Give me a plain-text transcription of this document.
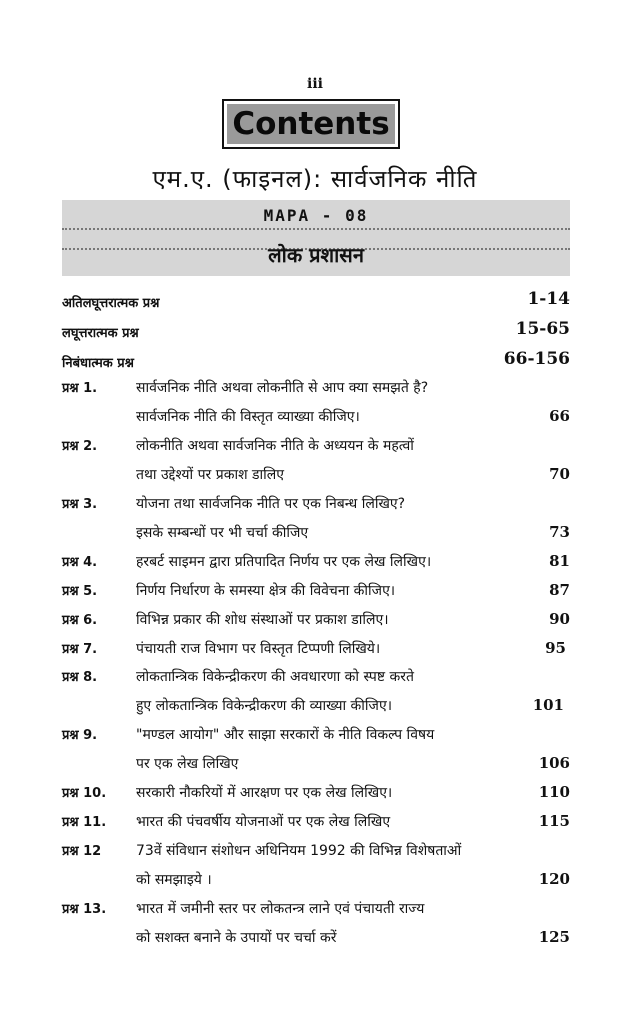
iii
Contents
एम.ए. (फाइनल): सार्वजनिक नीति
MAPA - 08
लोक प्रशासन
अतिलघूत्तरात्मक प्रश्न	1-14
लघूत्तरात्मक प्रश्न	15-65
निबंधात्मक प्रश्न	66-156
प्रश्न 1.	सार्वजनिक नीति अथवा लोकनीति से आप क्या समझते है?
सार्वजनिक नीति की विस्तृत व्याख्या कीजिए।	66
प्रश्न 2.	लोकनीति अथवा सार्वजनिक नीति के अध्ययन के महत्वों
तथा उद्देश्यों पर प्रकाश डालिए	70
प्रश्न 3.	योजना तथा सार्वजनिक नीति पर एक निबन्ध लिखिए?
इसके सम्बन्धों पर भी चर्चा कीजिए	73
प्रश्न 4.	हरबर्ट साइमन द्वारा प्रतिपादित निर्णय पर एक लेख लिखिए।	81
प्रश्न 5.	निर्णय निर्धारण के समस्या क्षेत्र की विवेचना कीजिए।	87
प्रश्न 6.	विभिन्न प्रकार की शोध संस्थाओं पर प्रकाश डालिए।	90
प्रश्न 7.	पंचायती राज विभाग पर विस्तृत टिप्पणी लिखिये।	95
प्रश्न 8.	लोकतान्त्रिक विकेन्द्रीकरण की अवधारणा को स्पष्ट करते
हुए लोकतान्त्रिक विकेन्द्रीकरण की व्याख्या कीजिए।	101
प्रश्न 9.	"मण्डल आयोग" और साझा सरकारों के नीति विकल्प विषय
पर एक लेख लिखिए	106
प्रश्न 10. सरकारी नौकरियों में आरक्षण पर एक लेख लिखिए।	110
प्रश्न 11. भारत की पंचवर्षीय योजनाओं पर एक लेख लिखिए	115
प्रश्न 12 73वें संविधान संशोधन अधिनियम 1992 की विभिन्न विशेषताओं
को समझाइये ।	120
प्रश्न 13. भारत में जमीनी स्तर पर लोकतन्त्र लाने एवं पंचायती राज्य
को सशक्त बनाने के उपायों पर चर्चा करें	125
